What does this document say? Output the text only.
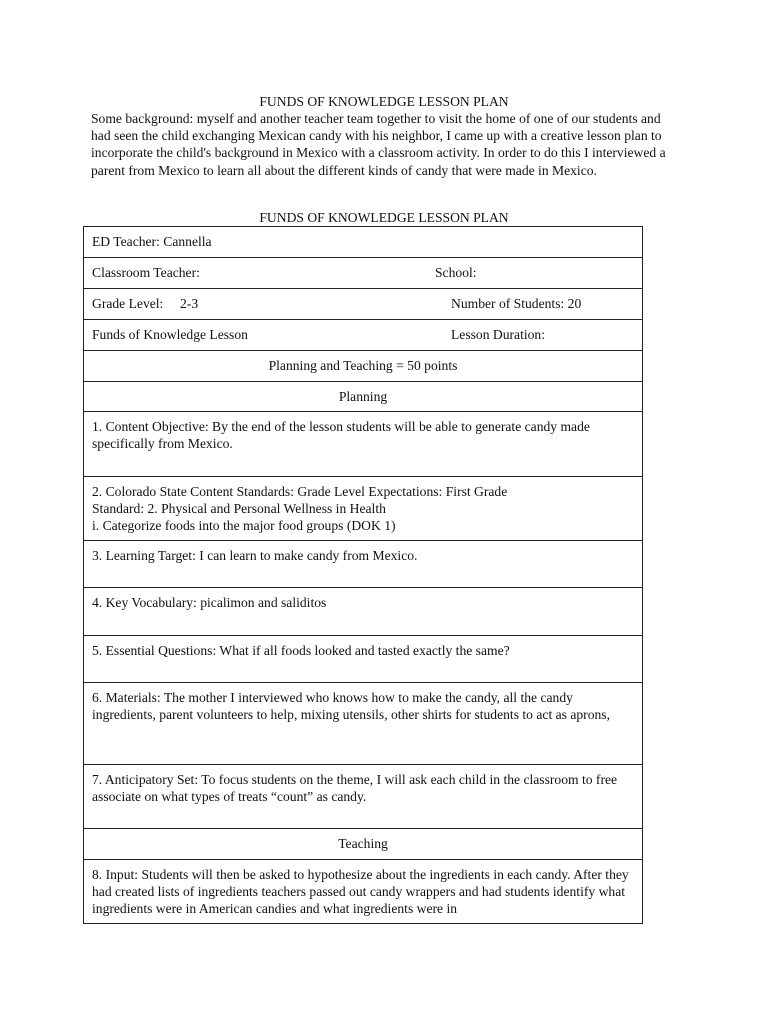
FUNDS OF KNOWLEDGE LESSON PLAN
Some background: myself and another teacher team together to visit the home of one of our students and had seen the child exchanging Mexican candy with his neighbor, I came up with a creative lesson plan to incorporate the child's background in Mexico with a classroom activity. In order to do this I interviewed a parent from Mexico to learn all about the different kinds of candy that were made in Mexico.
FUNDS OF KNOWLEDGE LESSON PLAN
ED Teacher: Cannella

Classroom Teacher:	School:

Grade Level: 2-3	Number of Students: 20

Funds of Knowledge Lesson	Lesson Duration:

Planning and Teaching = 50 points
Planning
1. Content Objective: By the end of the lesson students will be able to generate candy made specifically from Mexico.

2. Colorado State Content Standards: Grade Level Expectations: First Grade
Standard: 2. Physical and Personal Wellness in Health
i. Categorize foods into the major food groups (DOK 1)

3. Learning Target: I can learn to make candy from Mexico.
4. Key Vocabulary: picalimon and saliditos
5. Essential Questions: What if all foods looked and tasted exactly the same?
6. Materials: The mother I interviewed who knows how to make the candy, all the candy ingredients, parent volunteers to help, mixing utensils, other shirts for students to act as aprons,
7. Anticipatory Set: To focus students on the theme, I will ask each child in the classroom to free associate on what types of treats “count” as candy.
Teaching
8. Input: Students will then be asked to hypothesize about the ingredients in each candy. After they had created lists of ingredients teachers passed out candy wrappers and had students identify what ingredients were in American candies and what ingredients were in
